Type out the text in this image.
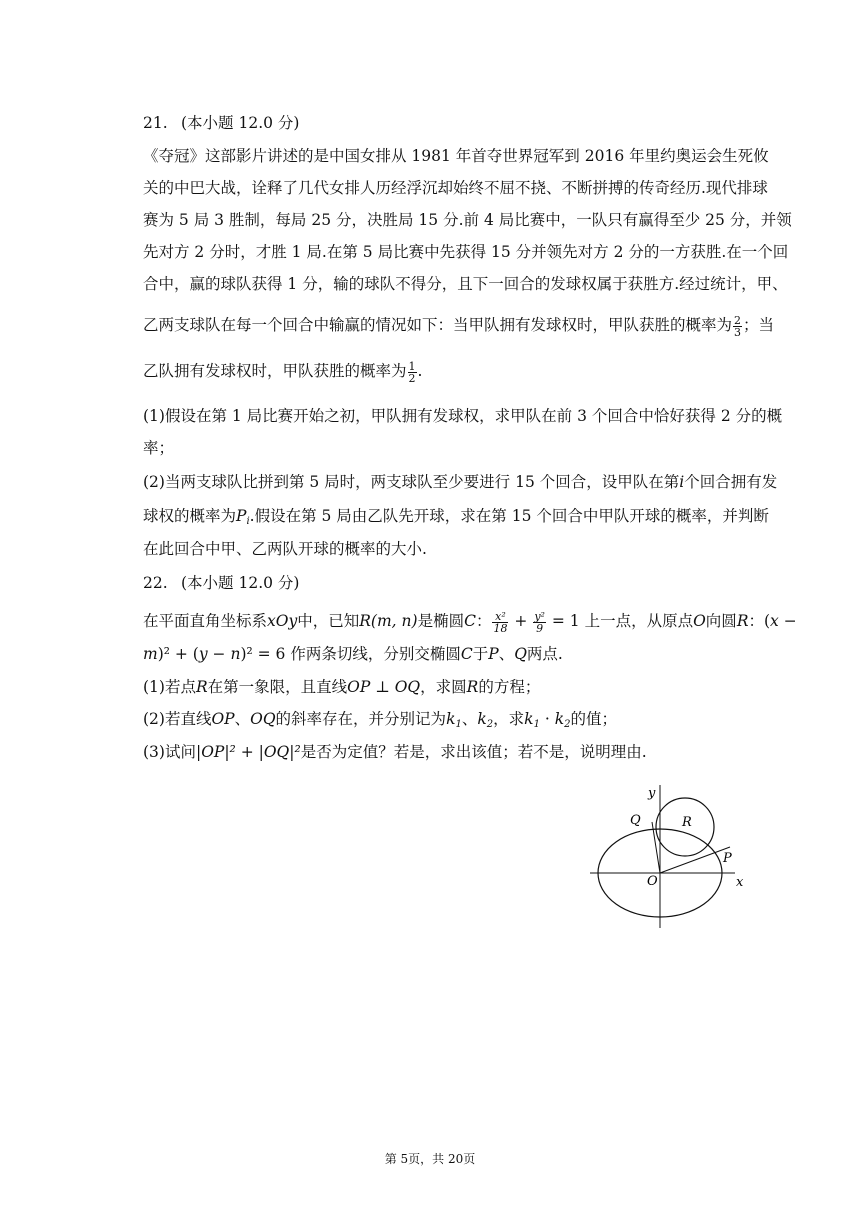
21. (本小题 12.0 分)
《夺冠》这部影片讲述的是中国女排从 1981 年首夺世界冠军到 2016 年里约奥运会生死攸
关的中巴大战，诠释了几代女排人历经浮沉却始终不屈不挠、不断拼搏的传奇经历.现代排球
赛为 5 局 3 胜制，每局 25 分，决胜局 15 分.前 4 局比赛中，一队只有赢得至少 25 分，并领
先对方 2 分时，才胜 1 局.在第 5 局比赛中先获得 15 分并领先对方 2 分的一方获胜.在一个回
合中，赢的球队获得 1 分，输的球队不得分，且下一回合的发球权属于获胜方.经过统计，甲、
乙两支球队在每一个回合中输赢的情况如下：当甲队拥有发球权时，甲队获胜的概率为 $\frac{2}{3}$ ；当
乙队拥有发球权时，甲队获胜的概率为 $\frac{1}{2}$ .
(1)假设在第 1 局比赛开始之初，甲队拥有发球权，求甲队在前 3 个回合中恰好获得 2 分的概
率；
(2)当两支球队比拼到第 5 局时，两支球队至少要进行 15 个回合，设甲队在第i个回合拥有发
球权的概率为$P_i$.假设在第 5 局由乙队先开球，求在第 15 个回合中甲队开球的概率，并判断
在此回合中甲、乙两队开球的概率的大小.
22. (本小题 12.0 分)
在平面直角坐标系xOy中，已知R(m, n)是椭圆C： $\frac{\text{x²}}{18} + \frac{\text{y²}}{9} = 1$ 上一点，从原点O向圆R：(x −
m)² + (y − n)² = 6 作两条切线，分别交椭圆C于P、Q两点.
(1)若点R在第一象限，且直线OP ⊥ OQ，求圆R的方程；
(2)若直线OP、OQ的斜率存在，并分别记为$k_1$、$k_2$，求$k_1 \cdot k_2$的值；
(3)试问|OP|² + |OQ|²是否为定值？若是，求出该值；若不是，说明理由.
y
x
Q	R
P
O
第 5页，共 20页
